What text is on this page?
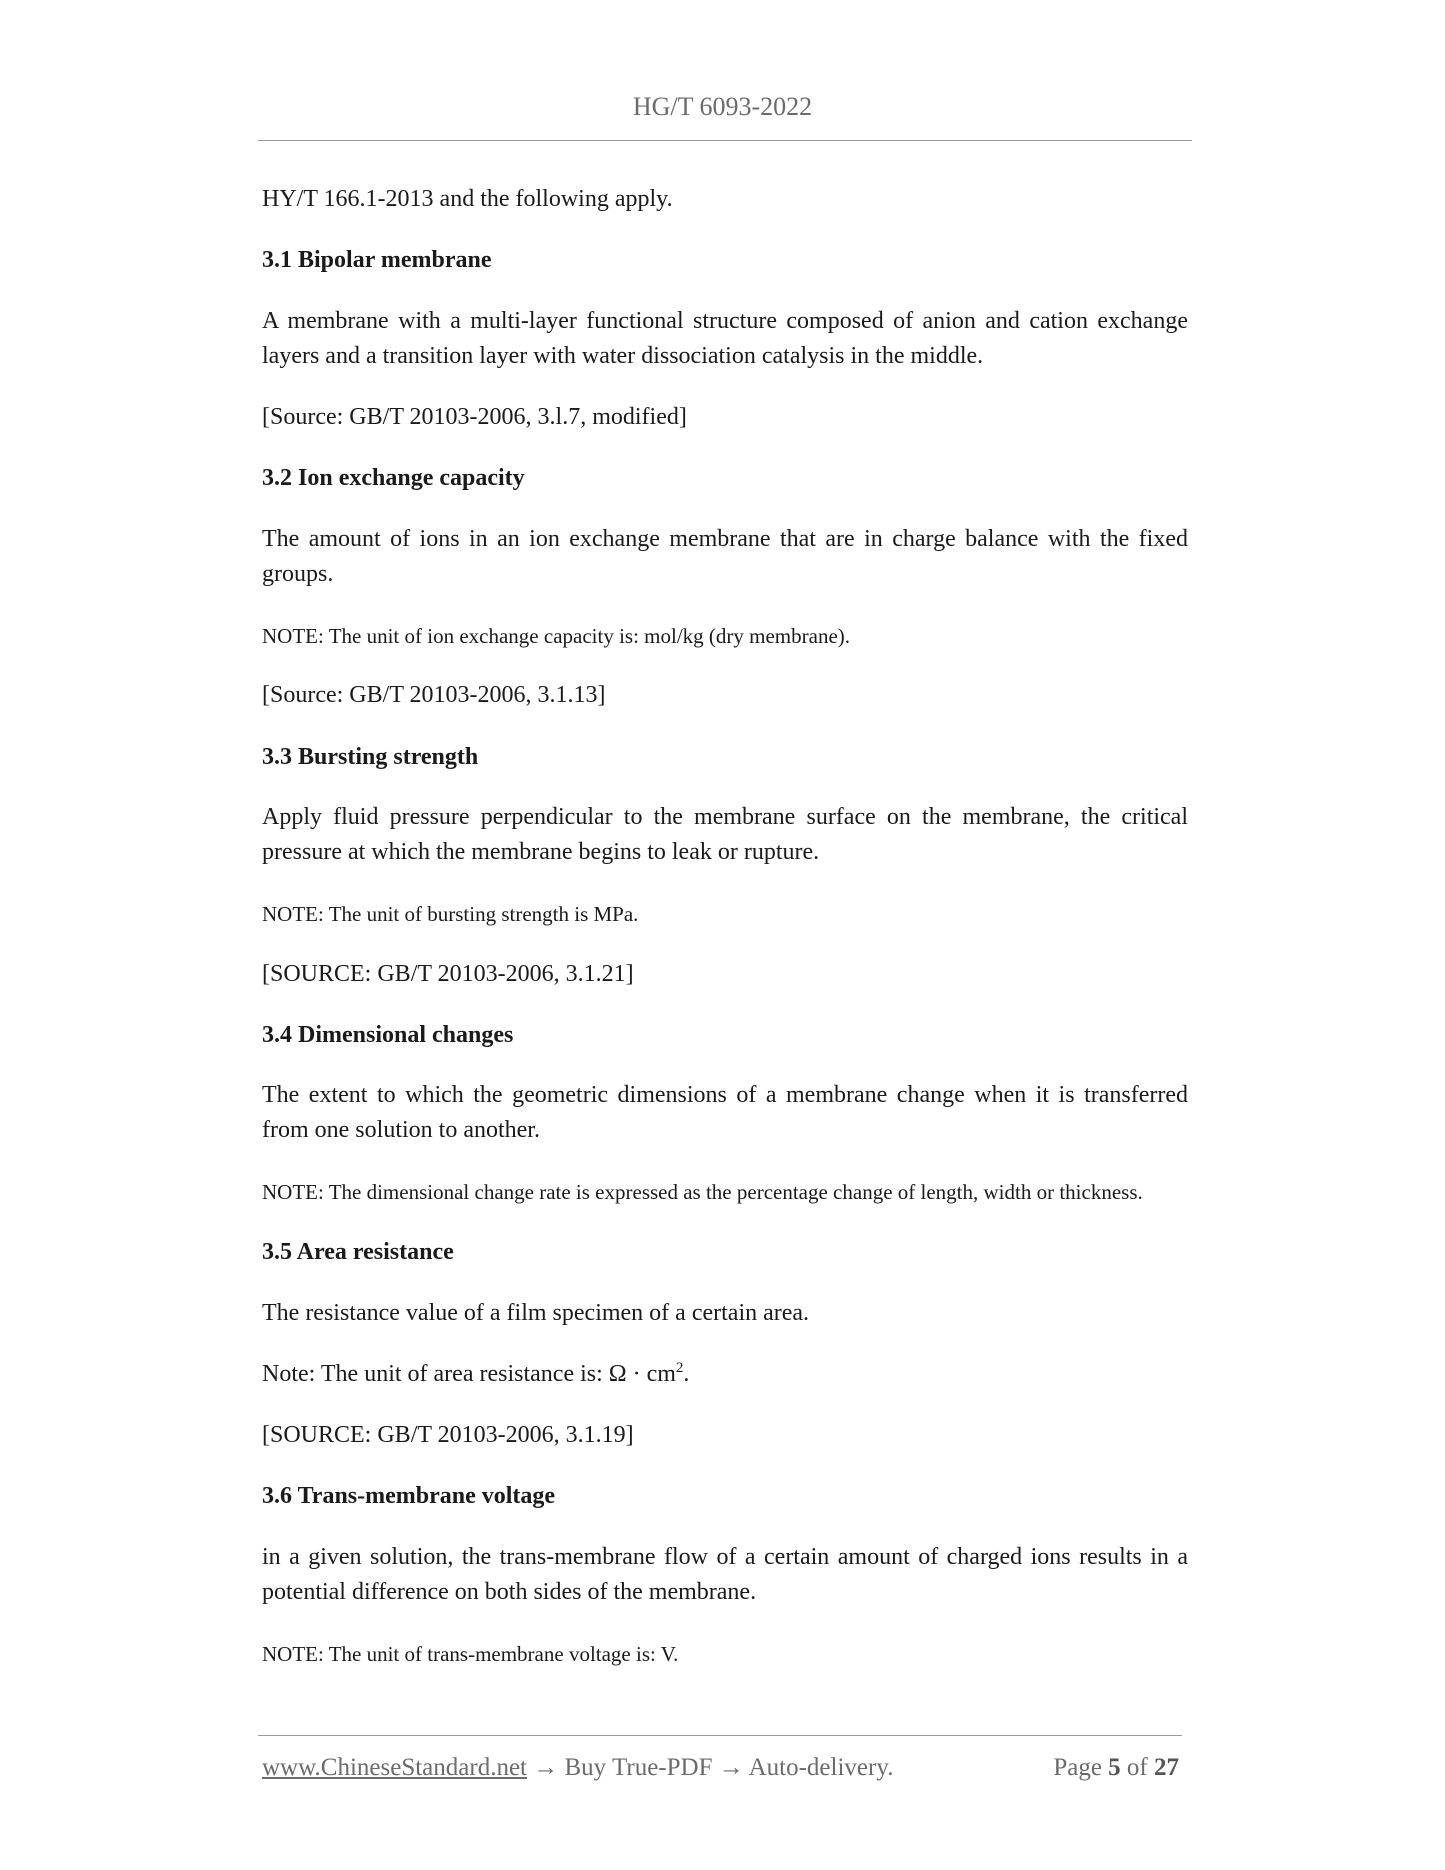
HG/T 6093-2022
HY/T 166.1-2013 and the following apply.
3.1 Bipolar membrane
A membrane with a multi-layer functional structure composed of anion and cation exchange layers and a transition layer with water dissociation catalysis in the middle.
[Source: GB/T 20103-2006, 3.l.7, modified]
3.2 Ion exchange capacity
The amount of ions in an ion exchange membrane that are in charge balance with the fixed groups.
NOTE: The unit of ion exchange capacity is: mol/kg (dry membrane).
[Source: GB/T 20103-2006, 3.1.13]
3.3 Bursting strength
Apply fluid pressure perpendicular to the membrane surface on the membrane, the critical pressure at which the membrane begins to leak or rupture.
NOTE: The unit of bursting strength is MPa.
[SOURCE: GB/T 20103-2006, 3.1.21]
3.4 Dimensional changes
The extent to which the geometric dimensions of a membrane change when it is transferred from one solution to another.
NOTE: The dimensional change rate is expressed as the percentage change of length, width or thickness.
3.5 Area resistance
The resistance value of a film specimen of a certain area.
Note: The unit of area resistance is: $\Omega \cdot cm^2$.
[SOURCE: GB/T 20103-2006, 3.1.19]
3.6 Trans-membrane voltage
in a given solution, the trans-membrane flow of a certain amount of charged ions results in a potential difference on both sides of the membrane.
NOTE: The unit of trans-membrane voltage is: V.
www.ChineseStandard.net → Buy True-PDF → Auto-delivery.	Page 5 of 27
